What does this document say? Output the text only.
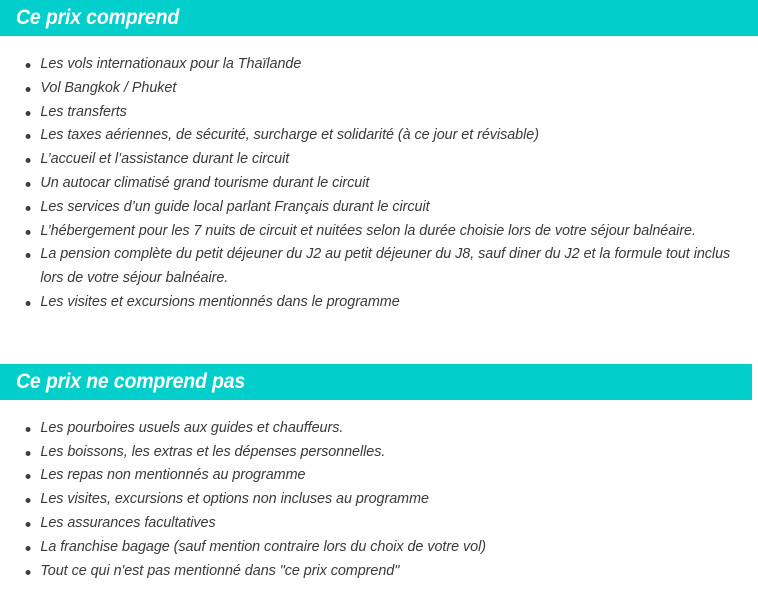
Ce prix comprend
Les vols internationaux pour la Thaïlande
Vol Bangkok / Phuket
Les transferts
Les taxes aériennes, de sécurité, surcharge et solidarité (à ce jour et révisable)
L’accueil et l’assistance durant le circuit
Un autocar climatisé grand tourisme durant le circuit
Les services d’un guide local parlant Français durant le circuit
L’hébergement pour les 7 nuits de circuit et nuitées selon la durée choisie lors de votre séjour balnéaire.
La pension complète du petit déjeuner du J2 au petit déjeuner du J8, sauf diner du J2 et la formule tout inclus lors de votre séjour balnéaire.
Les visites et excursions mentionnés dans le programme
Ce prix ne comprend pas
Les pourboires usuels aux guides et chauffeurs.
Les boissons, les extras et les dépenses personnelles.
Les repas non mentionnés au programme
Les visites, excursions et options non incluses au programme
Les assurances facultatives
La franchise bagage (sauf mention contraire lors du choix de votre vol)
Tout ce qui n'est pas mentionné dans "ce prix comprend"
